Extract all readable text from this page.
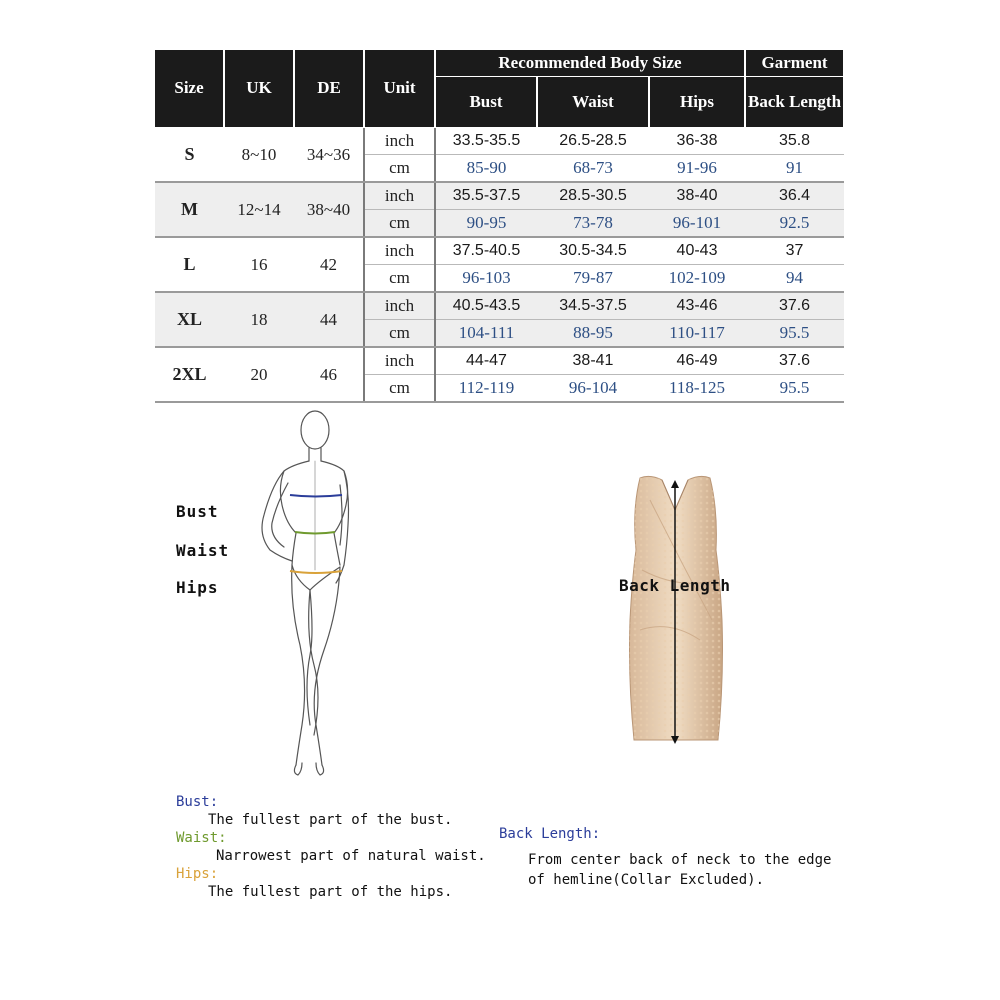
Size	UK	DE	Unit	Recommended Body Size			Garment
				Bust	Waist	Hips	Back Length
S	8~10	34~36	inch	33.5-35.5	26.5-28.5	36-38	35.8
			cm	85-90	68-73	91-96	91
M	12~14	38~40	inch	35.5-37.5	28.5-30.5	38-40	36.4
			cm	90-95	73-78	96-101	92.5
L	16	42	inch	37.5-40.5	30.5-34.5	40-43	37
			cm	96-103	79-87	102-109	94
XL	18	44	inch	40.5-43.5	34.5-37.5	43-46	37.6
			cm	104-111	88-95	110-117	95.5
2XL	20	46	inch	44-47	38-41	46-49	37.6
			cm	112-119	96-104	118-125	95.5
Bust
Waist
Hips	Back Length
Bust:
The fullest part of the bust.
Waist:
Narrowest part of natural waist.
Hips:
The fullest part of the hips.
Back Length:
From center back of neck to the edge
of hemline(Collar Excluded).
